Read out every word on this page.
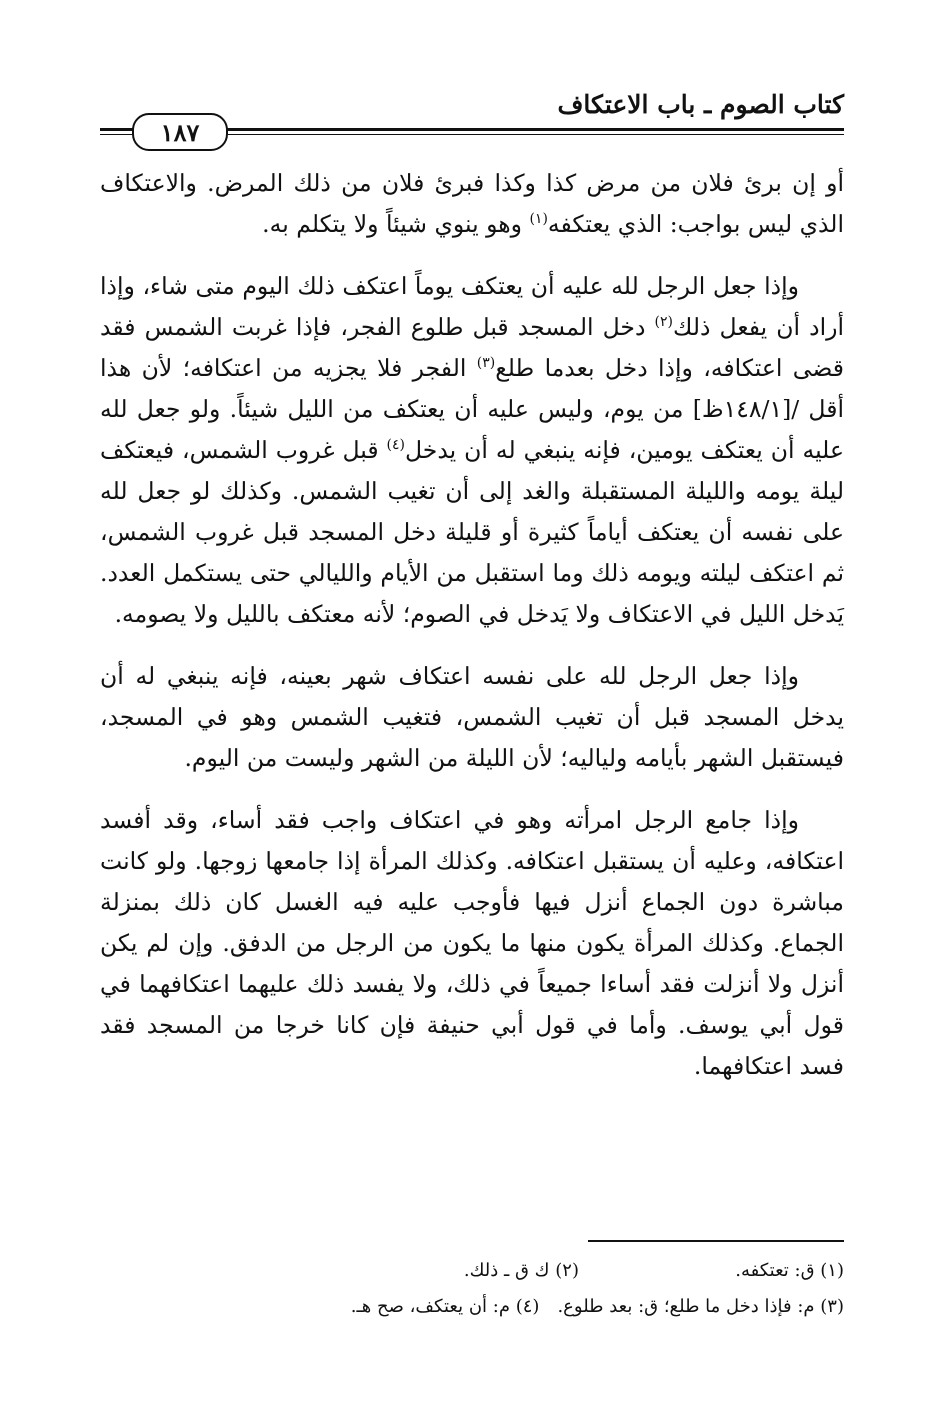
كتاب الصوم ـ باب الاعتكاف
١٨٧

أو إن برئ فلان من مرض كذا وكذا فبرئ فلان من ذلك المرض. والاعتكاف الذي ليس بواجب: الذي يعتكفه$^{(١)}$ وهو ينوي شيئاً ولا يتكلم به.

وإذا جعل الرجل لله عليه أن يعتكف يوماً اعتكف ذلك اليوم متى شاء، وإذا أراد أن يفعل ذلك$^{(٢)}$ دخل المسجد قبل طلوع الفجر، فإذا غربت الشمس فقد قضى اعتكافه، وإذا دخل بعدما طلع$^{(٣)}$ الفجر فلا يجزيه من اعتكافه؛ لأن هذا أقل /[١٤٨/١ظ] من يوم، وليس عليه أن يعتكف من الليل شيئاً. ولو جعل لله عليه أن يعتكف يومين، فإنه ينبغي له أن يدخل$^{(٤)}$ قبل غروب الشمس، فيعتكف ليلة يومه والليلة المستقبلة والغد إلى أن تغيب الشمس. وكذلك لو جعل لله على نفسه أن يعتكف أياماً كثيرة أو قليلة دخل المسجد قبل غروب الشمس، ثم اعتكف ليلته ويومه ذلك وما استقبل من الأيام والليالي حتى يستكمل العدد. يَدخل الليل في الاعتكاف ولا يَدخل في الصوم؛ لأنه معتكف بالليل ولا يصومه.

وإذا جعل الرجل لله على نفسه اعتكاف شهر بعينه، فإنه ينبغي له أن يدخل المسجد قبل أن تغيب الشمس، فتغيب الشمس وهو في المسجد، فيستقبل الشهر بأيامه ولياليه؛ لأن الليلة من الشهر وليست من اليوم.

وإذا جامع الرجل امرأته وهو في اعتكاف واجب فقد أساء، وقد أفسد اعتكافه، وعليه أن يستقبل اعتكافه. وكذلك المرأة إذا جامعها زوجها. ولو كانت مباشرة دون الجماع أنزل فيها فأوجب عليه فيه الغسل كان ذلك بمنزلة الجماع. وكذلك المرأة يكون منها ما يكون من الرجل من الدفق. وإن لم يكن أنزل ولا أنزلت فقد أساءا جميعاً في ذلك، ولا يفسد ذلك عليهما اعتكافهما في قول أبي يوسف. وأما في قول أبي حنيفة فإن كانا خرجا من المسجد فقد فسد اعتكافهما.

(١) ق: تعتكفه.
(٢) ك ق ـ ذلك.
(٣) م: فإذا دخل ما طلع؛ ق: بعد طلوع.
(٤) م: أن يعتكف، صح هـ.
